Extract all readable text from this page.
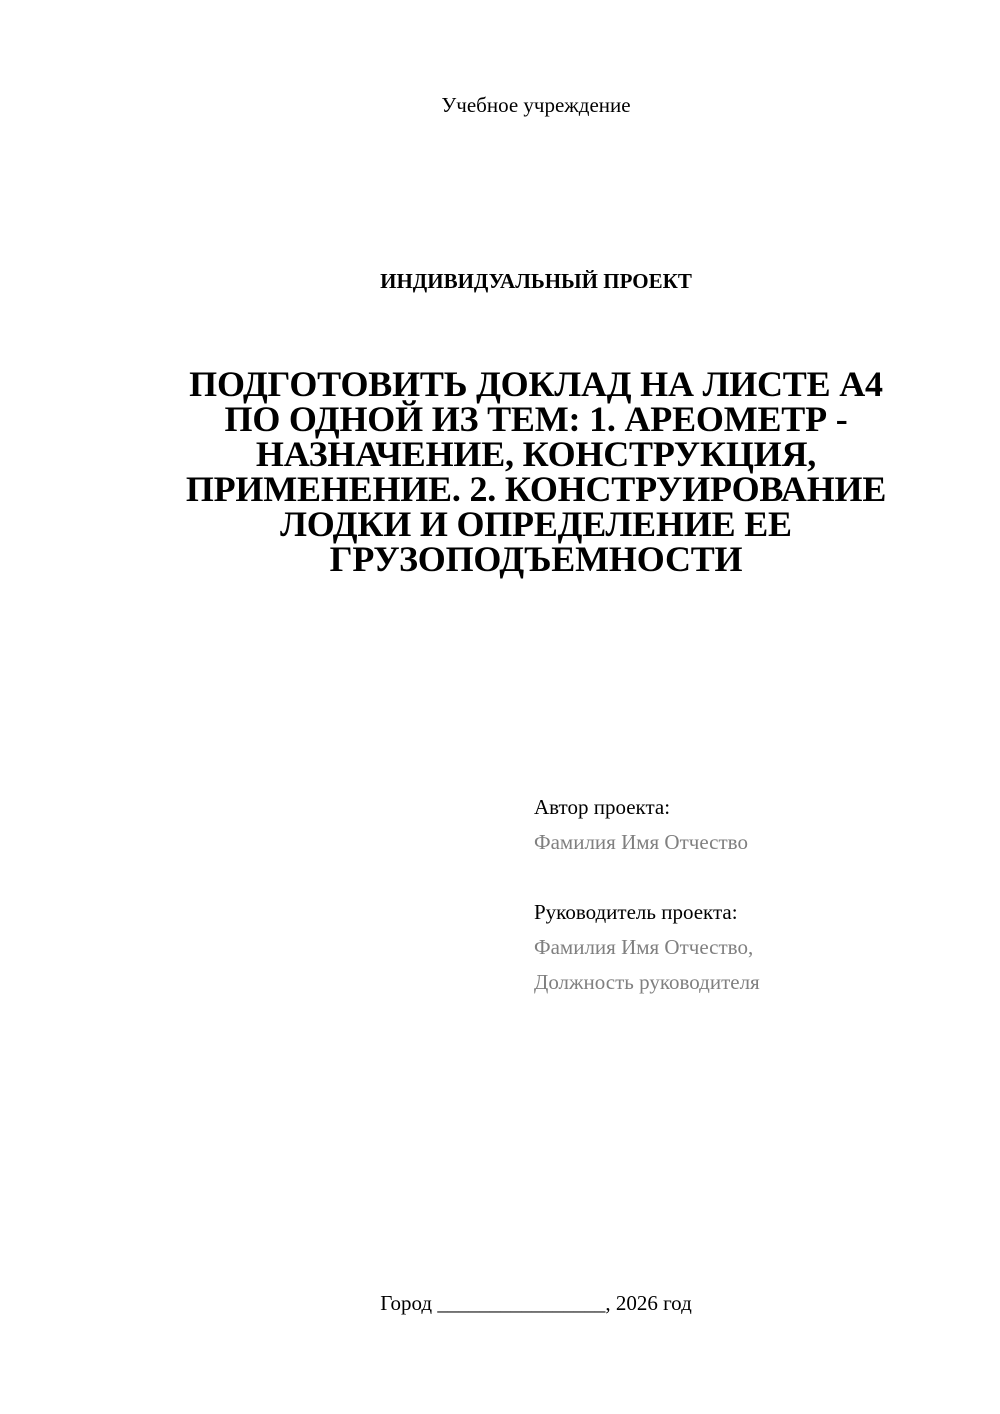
Учебное учреждение
ИНДИВИДУАЛЬНЫЙ ПРОЕКТ
ПОДГОТОВИТЬ ДОКЛАД НА ЛИСТЕ А4
ПО ОДНОЙ ИЗ ТЕМ: 1. АРЕОМЕТР -
НАЗНАЧЕНИЕ, КОНСТРУКЦИЯ,
ПРИМЕНЕНИЕ. 2. КОНСТРУИРОВАНИЕ
ЛОДКИ И ОПРЕДЕЛЕНИЕ ЕЕ
ГРУЗОПОДЪЕМНОСТИ
Автор проекта:
Фамилия Имя Отчество
Руководитель проекта:
Фамилия Имя Отчество,
Должность руководителя
Город ________________, 2026 год
